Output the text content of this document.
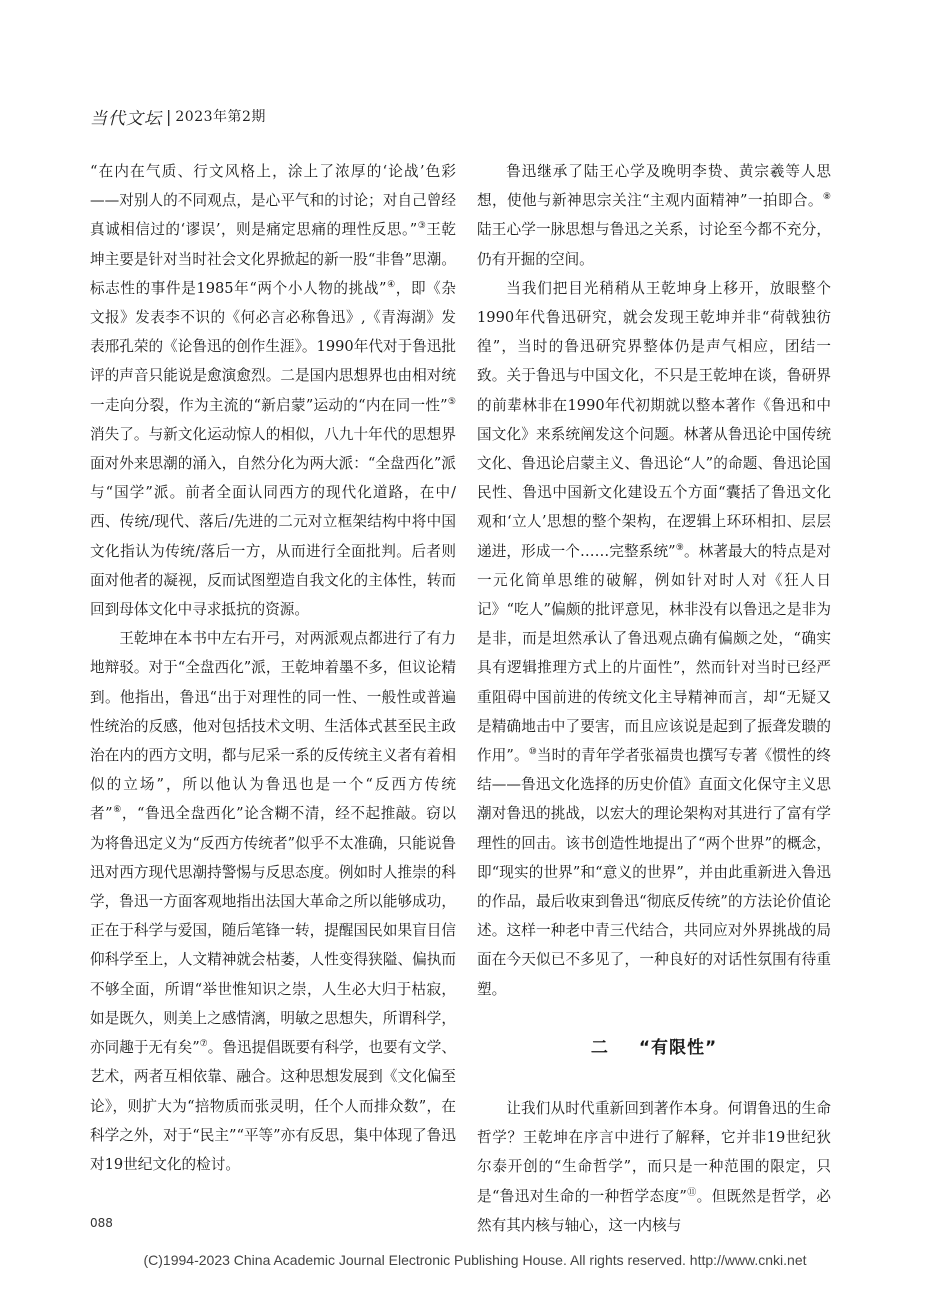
当代文坛 | 2023年第2期

“在内在气质、行文风格上，涂上了浓厚的‘论战’色彩——对别人的不同观点，是心平气和的讨论；对自己曾经真诚相信过的‘谬误’，则是痛定思痛的理性反思。”③王乾坤主要是针对当时社会文化界掀起的新一股“非鲁”思潮。标志性的事件是1985年“两个小人物的挑战”④，即《杂文报》发表李不识的《何必言必称鲁迅》,《青海湖》发表邢孔荣的《论鲁迅的创作生涯》。1990年代对于鲁迅批评的声音只能说是愈演愈烈。二是国内思想界也由相对统一走向分裂，作为主流的“新启蒙”运动的“内在同一性”⑤消失了。与新文化运动惊人的相似，八九十年代的思想界面对外来思潮的涌入，自然分化为两大派：“全盘西化”派与“国学”派。前者全面认同西方的现代化道路，在中/西、传统/现代、落后/先进的二元对立框架结构中将中国文化指认为传统/落后一方，从而进行全面批判。后者则面对他者的凝视，反而试图塑造自我文化的主体性，转而回到母体文化中寻求抵抗的资源。

王乾坤在本书中左右开弓，对两派观点都进行了有力地辩驳。对于“全盘西化”派，王乾坤着墨不多，但议论精到。他指出，鲁迅“出于对理性的同一性、一般性或普遍性统治的反感，他对包括技术文明、生活体式甚至民主政治在内的西方文明，都与尼采一系的反传统主义者有着相似的立场”，所以他认为鲁迅也是一个“反西方传统者”⑥，“鲁迅全盘西化”论含糊不清，经不起推敲。窃以为将鲁迅定义为“反西方传统者”似乎不太准确，只能说鲁迅对西方现代思潮持警惕与反思态度。例如时人推崇的科学，鲁迅一方面客观地指出法国大革命之所以能够成功，正在于科学与爱国，随后笔锋一转，提醒国民如果盲目信仰科学至上，人文精神就会枯萎，人性变得狭隘、偏执而不够全面，所谓“举世惟知识之崇，人生必大归于枯寂，如是既久，则美上之感情漓，明敏之思想失，所谓科学，亦同趣于无有矣”⑦。鲁迅提倡既要有科学，也要有文学、艺术，两者互相依靠、融合。这种思想发展到《文化偏至论》，则扩大为“掊物质而张灵明，任个人而排众数”，在科学之外，对于“民主”“平等”亦有反思，集中体现了鲁迅对19世纪文化的检讨。

鲁迅继承了陆王心学及晚明李贽、黄宗羲等人思想，使他与新神思宗关注“主观内面精神”一拍即合。⑧陆王心学一脉思想与鲁迅之关系，讨论至今都不充分，仍有开掘的空间。

当我们把目光稍稍从王乾坤身上移开，放眼整个1990年代鲁迅研究，就会发现王乾坤并非“荷戟独彷徨”，当时的鲁迅研究界整体仍是声气相应，团结一致。关于鲁迅与中国文化，不只是王乾坤在谈，鲁研界的前辈林非在1990年代初期就以整本著作《鲁迅和中国文化》来系统阐发这个问题。林著从鲁迅论中国传统文化、鲁迅论启蒙主义、鲁迅论“人”的命题、鲁迅论国民性、鲁迅中国新文化建设五个方面“囊括了鲁迅文化观和‘立人’思想的整个架构，在逻辑上环环相扣、层层递进，形成一个……完整系统”⑨。林著最大的特点是对一元化简单思维的破解，例如针对时人对《狂人日记》“吃人”偏颇的批评意见，林非没有以鲁迅之是非为是非，而是坦然承认了鲁迅观点确有偏颇之处，“确实具有逻辑推理方式上的片面性”，然而针对当时已经严重阻碍中国前进的传统文化主导精神而言，却“无疑又是精确地击中了要害，而且应该说是起到了振聋发聩的作用”。⑩当时的青年学者张福贵也撰写专著《惯性的终结——鲁迅文化选择的历史价值》直面文化保守主义思潮对鲁迅的挑战，以宏大的理论架构对其进行了富有学理性的回击。该书创造性地提出了“两个世界”的概念，即“现实的世界”和“意义的世界”，并由此重新进入鲁迅的作品，最后收束到鲁迅“彻底反传统”的方法论价值论述。这样一种老中青三代结合，共同应对外界挑战的局面在今天似已不多见了，一种良好的对话性氛围有待重塑。

二 “有限性”

让我们从时代重新回到著作本身。何谓鲁迅的生命哲学？王乾坤在序言中进行了解释，它并非19世纪狄尔泰开创的“生命哲学”，而只是一种范围的限定，只是“鲁迅对生命的一种哲学态度”⑪。但既然是哲学，必然有其内核与轴心，这一内核与

088
(C)1994-2023 China Academic Journal Electronic Publishing House. All rights reserved. http://www.cnki.net
